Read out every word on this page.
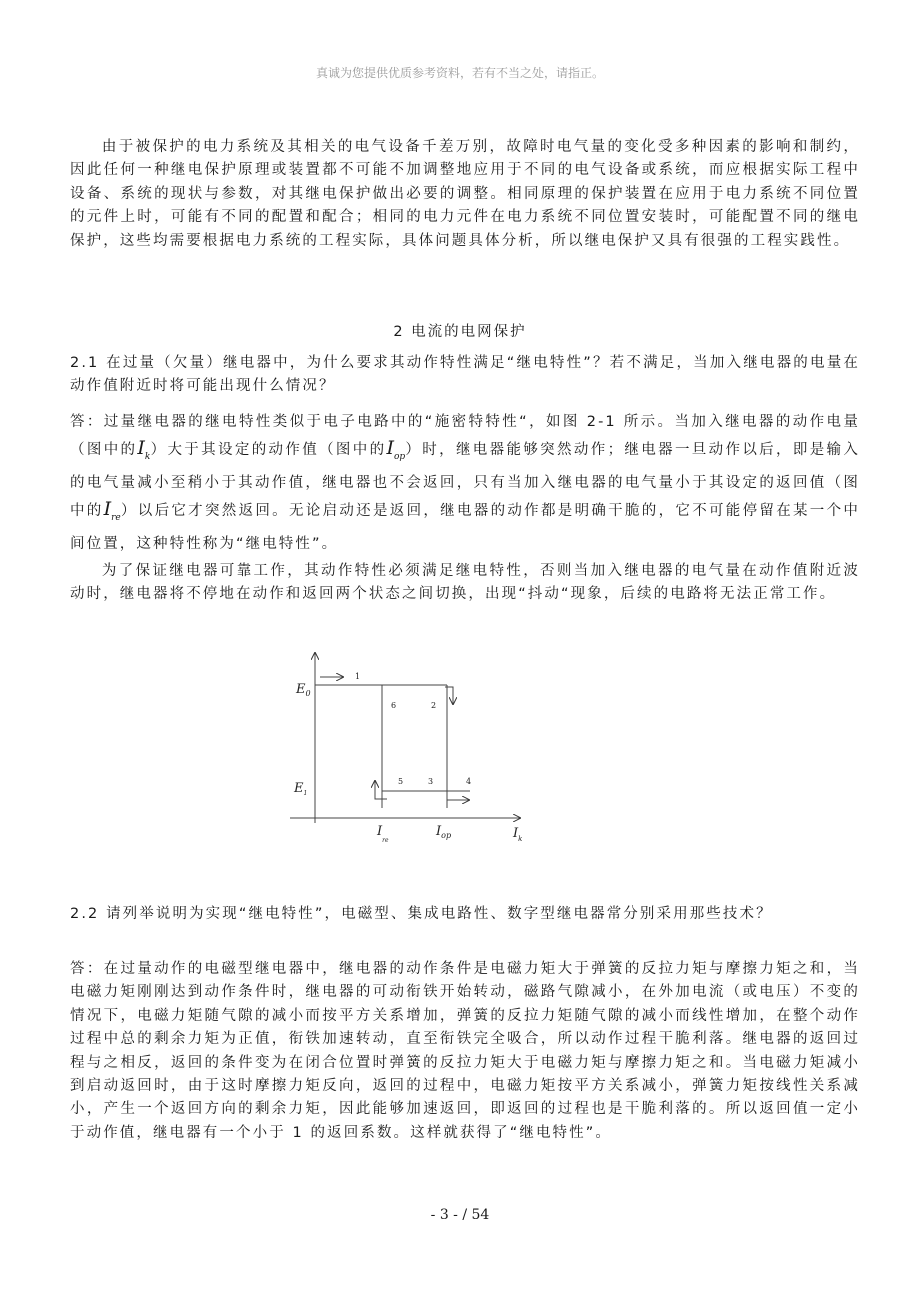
真诚为您提供优质参考资料，若有不当之处，请指正。

由于被保护的电力系统及其相关的电气设备千差万别，故障时电气量的变化受多种因素的影响和制约，因此任何一种继电保护原理或装置都不可能不加调整地应用于不同的电气设备或系统，而应根据实际工程中设备、系统的现状与参数，对其继电保护做出必要的调整。相同原理的保护装置在应用于电力系统不同位置的元件上时，可能有不同的配置和配合；相同的电力元件在电力系统不同位置安装时，可能配置不同的继电保护，这些均需要根据电力系统的工程实际，具体问题具体分析，所以继电保护又具有很强的工程实践性。

2 电流的电网保护

2.1 在过量（欠量）继电器中，为什么要求其动作特性满足“继电特性”？若不满足，当加入继电器的电量在动作值附近时将可能出现什么情况？

答：过量继电器的继电特性类似于电子电路中的“施密特特性“，如图 2-1 所示。当加入继电器的动作电量（图中的$I_k$）大于其设定的动作值（图中的$I_{op}$）时，继电器能够突然动作；继电器一旦动作以后，即是输入的电气量减小至稍小于其动作值，继电器也不会返回，只有当加入继电器的电气量小于其设定的返回值（图中的$I_{re}$）以后它才突然返回。无论启动还是返回，继电器的动作都是明确干脆的，它不可能停留在某一个中间位置，这种特性称为“继电特性”。

为了保证继电器可靠工作，其动作特性必须满足继电特性，否则当加入继电器的电气量在动作值附近波动时，继电器将不停地在动作和返回两个状态之间切换，出现“抖动“现象，后续的电路将无法正常工作。

$E_0$
$E_1$
$I_{re}$
$I_{op}$	$I_k$
1
6	2
5	3	4

2.2 请列举说明为实现“继电特性”，电磁型、集成电路性、数字型继电器常分别采用那些技术？

答：在过量动作的电磁型继电器中，继电器的动作条件是电磁力矩大于弹簧的反拉力矩与摩擦力矩之和，当电磁力矩刚刚达到动作条件时，继电器的可动衔铁开始转动，磁路气隙减小，在外加电流（或电压）不变的情况下，电磁力矩随气隙的减小而按平方关系增加，弹簧的反拉力矩随气隙的减小而线性增加，在整个动作过程中总的剩余力矩为正值，衔铁加速转动，直至衔铁完全吸合，所以动作过程干脆利落。继电器的返回过程与之相反，返回的条件变为在闭合位置时弹簧的反拉力矩大于电磁力矩与摩擦力矩之和。当电磁力矩减小到启动返回时，由于这时摩擦力矩反向，返回的过程中，电磁力矩按平方关系减小，弹簧力矩按线性关系减小，产生一个返回方向的剩余力矩，因此能够加速返回，即返回的过程也是干脆利落的。所以返回值一定小于动作值，继电器有一个小于 1 的返回系数。这样就获得了“继电特性”。

- 3 - / 54
